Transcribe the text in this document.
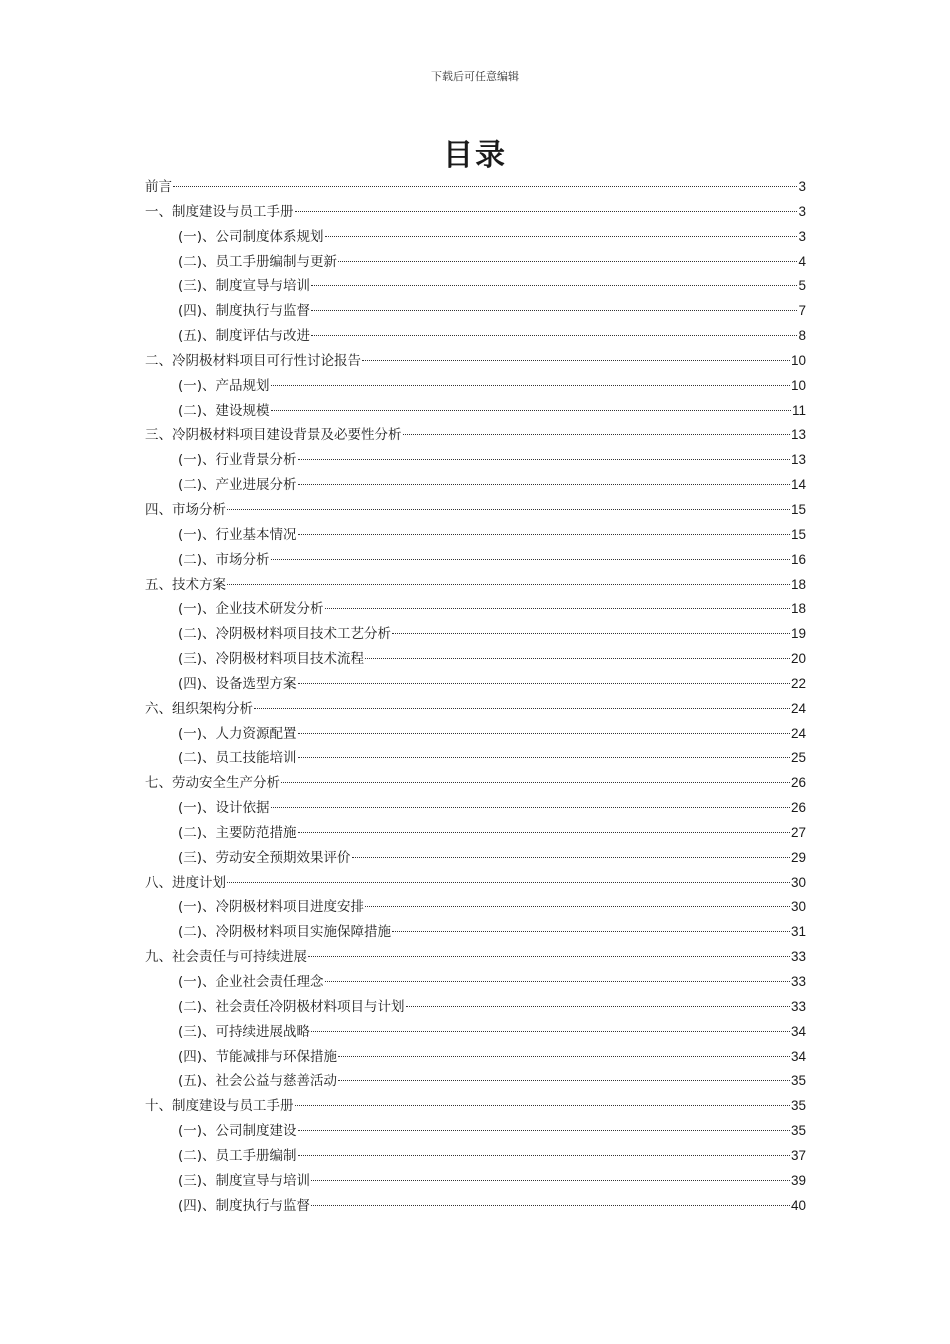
下载后可任意编辑
目录
前言	3
一、制度建设与员工手册	3
(一)、公司制度体系规划	3
(二)、员工手册编制与更新	4
(三)、制度宣导与培训	5
(四)、制度执行与监督	7
(五)、制度评估与改进	8
二、冷阴极材料项目可行性讨论报告	10
(一)、产品规划	10
(二)、建设规模	11
三、冷阴极材料项目建设背景及必要性分析	13
(一)、行业背景分析	13
(二)、产业进展分析	14
四、市场分析	15
(一)、行业基本情况	15
(二)、市场分析	16
五、技术方案	18
(一)、企业技术研发分析	18
(二)、冷阴极材料项目技术工艺分析	19
(三)、冷阴极材料项目技术流程	20
(四)、设备选型方案	22
六、组织架构分析	24
(一)、人力资源配置	24
(二)、员工技能培训	25
七、劳动安全生产分析	26
(一)、设计依据	26
(二)、主要防范措施	27
(三)、劳动安全预期效果评价	29
八、进度计划	30
(一)、冷阴极材料项目进度安排	30
(二)、冷阴极材料项目实施保障措施	31
九、社会责任与可持续进展	33
(一)、企业社会责任理念	33
(二)、社会责任冷阴极材料项目与计划	33
(三)、可持续进展战略	34
(四)、节能减排与环保措施	34
(五)、社会公益与慈善活动	35
十、制度建设与员工手册	35
(一)、公司制度建设	35
(二)、员工手册编制	37
(三)、制度宣导与培训	39
(四)、制度执行与监督	40
